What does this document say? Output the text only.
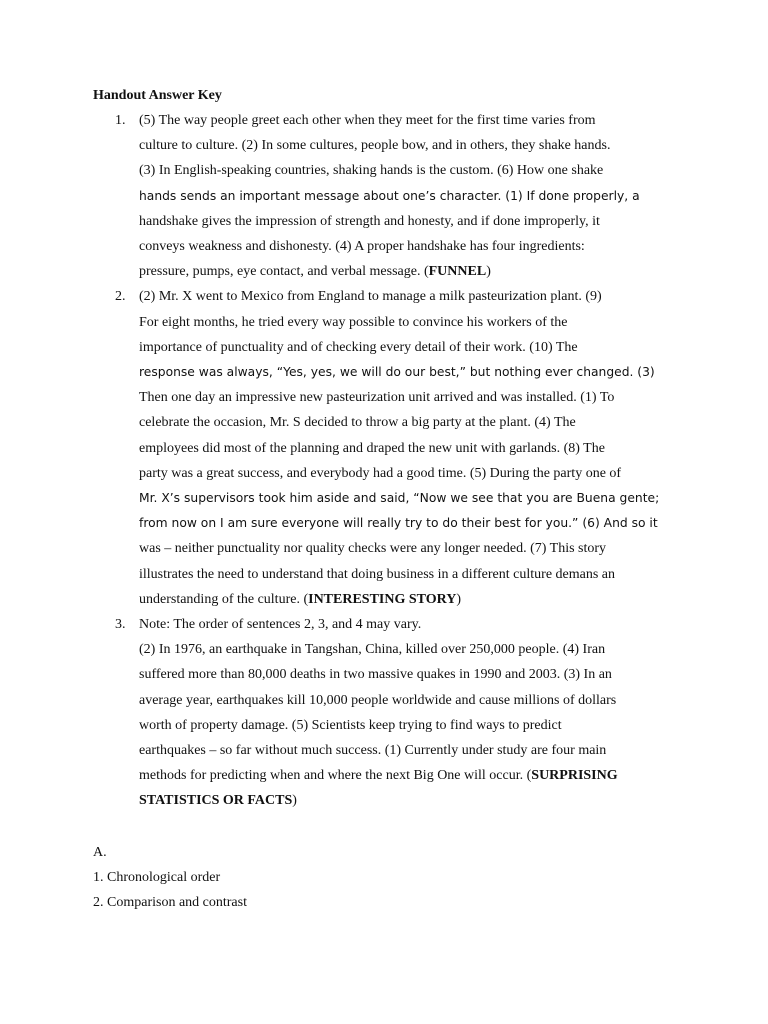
Handout Answer Key

1. (5) The way people greet each other when they meet for the first time varies from
culture to culture. (2) In some cultures, people bow, and in others, they shake hands.
(3) In English-speaking countries, shaking hands is the custom. (6) How one shake
hands sends an important message about one’s character. (1) If done properly, a
handshake gives the impression of strength and honesty, and if done improperly, it
conveys weakness and dishonesty. (4) A proper handshake has four ingredients:
pressure, pumps, eye contact, and verbal message. (FUNNEL)
2. (2) Mr. X went to Mexico from England to manage a milk pasteurization plant. (9)
For eight months, he tried every way possible to convince his workers of the
importance of punctuality and of checking every detail of their work. (10) The
response was always, “Yes, yes, we will do our best,” but nothing ever changed. (3)
Then one day an impressive new pasteurization unit arrived and was installed. (1) To
celebrate the occasion, Mr. S decided to throw a big party at the plant. (4) The
employees did most of the planning and draped the new unit with garlands. (8) The
party was a great success, and everybody had a good time. (5) During the party one of
Mr. X’s supervisors took him aside and said, “Now we see that you are Buena gente;
from now on I am sure everyone will really try to do their best for you.” (6) And so it
was – neither punctuality nor quality checks were any longer needed. (7) This story
illustrates the need to understand that doing business in a different culture demans an
understanding of the culture. (INTERESTING STORY)
3. Note: The order of sentences 2, 3, and 4 may vary.
(2) In 1976, an earthquake in Tangshan, China, killed over 250,000 people. (4) Iran
suffered more than 80,000 deaths in two massive quakes in 1990 and 2003. (3) In an
average year, earthquakes kill 10,000 people worldwide and cause millions of dollars
worth of property damage. (5) Scientists keep trying to find ways to predict
earthquakes – so far without much success. (1) Currently under study are four main
methods for predicting when and where the next Big One will occur. (SURPRISING
STATISTICS OR FACTS)
A.
1. Chronological order
2. Comparison and contrast
